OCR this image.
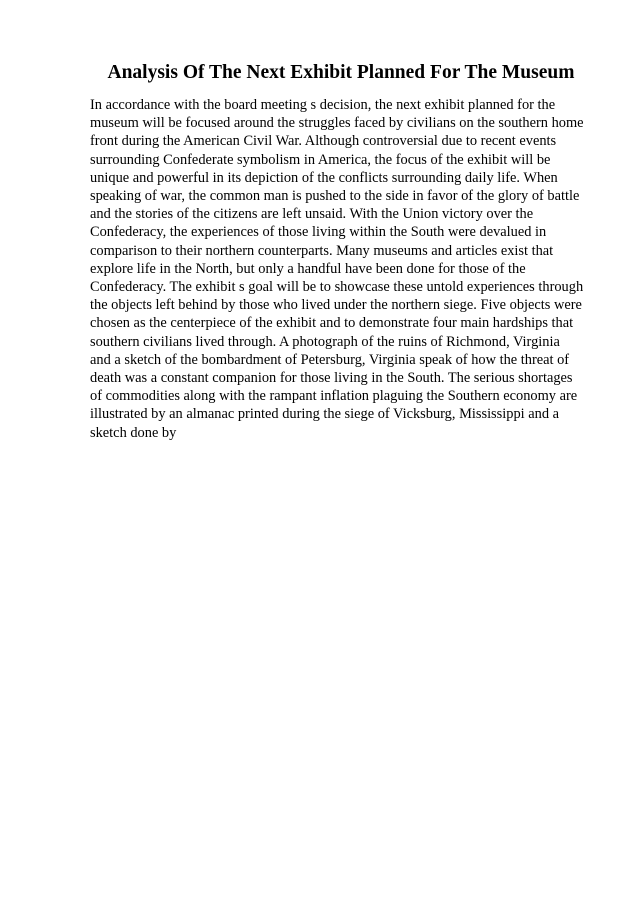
Analysis Of The Next Exhibit Planned For The Museum
In accordance with the board meeting s decision, the next exhibit planned for the
museum will be focused around the struggles faced by civilians on the southern home
front during the American Civil War. Although controversial due to recent events
surrounding Confederate symbolism in America, the focus of the exhibit will be
unique and powerful in its depiction of the conflicts surrounding daily life. When
speaking of war, the common man is pushed to the side in favor of the glory of battle
and the stories of the citizens are left unsaid. With the Union victory over the
Confederacy, the experiences of those living within the South were devalued in
comparison to their northern counterparts. Many museums and articles exist that
explore life in the North, but only a handful have been done for those of the
Confederacy. The exhibit s goal will be to showcase these untold experiences through
the objects left behind by those who lived under the northern siege. Five objects were
chosen as the centerpiece of the exhibit and to demonstrate four main hardships that
southern civilians lived through. A photograph of the ruins of Richmond, Virginia
and a sketch of the bombardment of Petersburg, Virginia speak of how the threat of
death was a constant companion for those living in the South. The serious shortages
of commodities along with the rampant inflation plaguing the Southern economy are
illustrated by an almanac printed during the siege of Vicksburg, Mississippi and a
sketch done by
